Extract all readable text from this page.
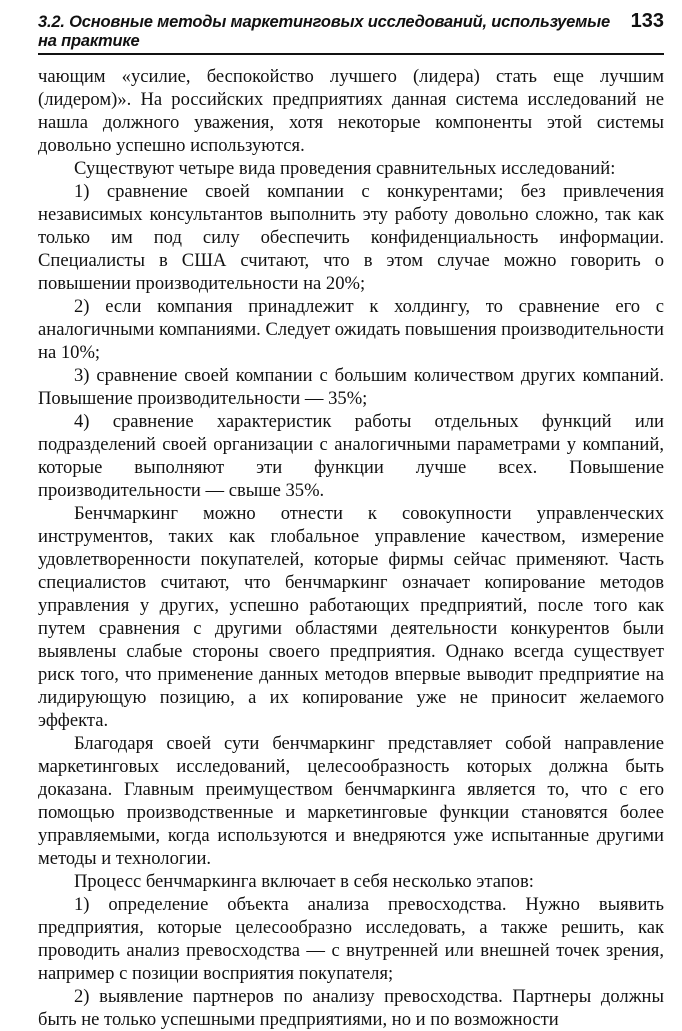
3.2. Основные методы маркетинговых исследований, используемые на практике
133

чающим «усилие, беспокойство лучшего (лидера) стать еще лучшим (лидером)». На российских предприятиях данная система исследований не нашла должного уважения, хотя некоторые компоненты этой системы довольно успешно используются.

Существуют четыре вида проведения сравнительных исследований:

1) сравнение своей компании с конкурентами; без привлечения независимых консультантов выполнить эту работу довольно сложно, так как только им под силу обеспечить конфиденциальность информации. Специалисты в США считают, что в этом случае можно говорить о повышении производительности на 20%;

2) если компания принадлежит к холдингу, то сравнение его с аналогичными компаниями. Следует ожидать повышения производительности на 10%;

3) сравнение своей компании с большим количеством других компаний. Повышение производительности — 35%;

4) сравнение характеристик работы отдельных функций или подразделений своей организации с аналогичными параметрами у компаний, которые выполняют эти функции лучше всех. Повышение производительности — свыше 35%.

Бенчмаркинг можно отнести к совокупности управленческих инструментов, таких как глобальное управление качеством, измерение удовлетворенности покупателей, которые фирмы сейчас применяют. Часть специалистов считают, что бенчмаркинг означает копирование методов управления у других, успешно работающих предприятий, после того как путем сравнения с другими областями деятельности конкурентов были выявлены слабые стороны своего предприятия. Однако всегда существует риск того, что применение данных методов впервые выводит предприятие на лидирующую позицию, а их копирование уже не приносит желаемого эффекта.

Благодаря своей сути бенчмаркинг представляет собой направление маркетинговых исследований, целесообразность которых должна быть доказана. Главным преимуществом бенчмаркинга является то, что с его помощью производственные и маркетинговые функции становятся более управляемыми, когда используются и внедряются уже испытанные другими методы и технологии.

Процесс бенчмаркинга включает в себя несколько этапов:

1) определение объекта анализа превосходства. Нужно выявить предприятия, которые целесообразно исследовать, а также решить, как проводить анализ превосходства — с внутренней или внешней точек зрения, например с позиции восприятия покупателя;

2) выявление партнеров по анализу превосходства. Партнеры должны быть не только успешными предприятиями, но и по возможности
